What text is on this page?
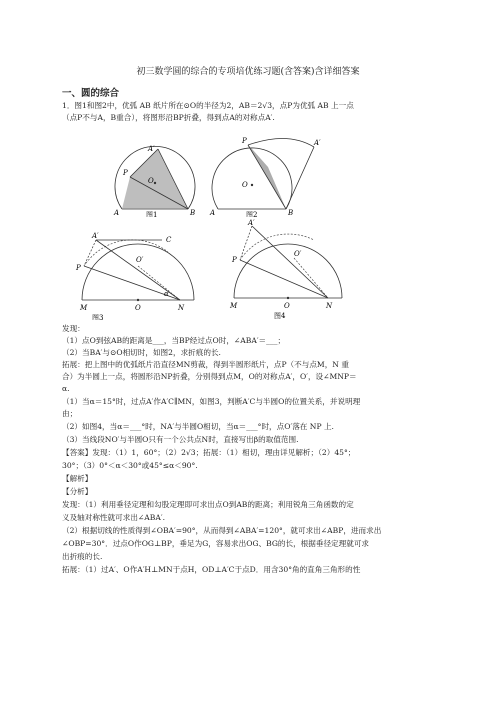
初三数学圆的综合的专项培优练习题(含答案)含详细答案
一、圆的综合
1．图1和图2中，优弧 AB 纸片所在⊙O的半径为2，AB＝2√3，点P为优弧 AB 上一点
（点P不与A，B重合），将图形沿BP折叠，得到点A的对称点A′.
A′
P
O
A	B
图1
P	A′
O
A	B
图2
A′	C
P
O′
M	O	N
α
图3
A′
P
O′
M	O	N
图4
发现：
（1）点O到弦AB的距离是___，当BP经过点O时，∠ABA′＝___；
（2）当BA′与⊙O相切时，如图2，求折痕的长.
拓展：把上图中的优弧纸片沿直径MN剪裁，得到半圆形纸片，点P（不与点M，N 重
合）为半圆上一点，将圆形沿NP折叠，分别得到点M，O的对称点A′，O′，设∠MNP＝
α.
（1）当α＝15°时，过点A′作A′C∥MN，如图3，判断A′C与半圆O的位置关系，并说明理
由；
（2）如图4，当α＝___°时，NA′与半圆O相切，当α＝___°时，点O′落在 NP 上.
（3）当线段NO′与半圆O只有一个公共点N时，直接写出β的取值范围.
【答案】发现：（1）1，60°；（2）2√3；拓展：（1）相切，理由详见解析；（2）45°；
30°；（3）0°＜α＜30°或45°≤α＜90°.
【解析】
【分析】
发现：（1）利用垂径定理和勾股定理即可求出点O到AB的距离；利用锐角三角函数的定
义及轴对称性就可求出∠ABA′.
（2）根据切线的性质得到∠OBA′=90°，从而得到∠ABA′=120°，就可求出∠ABP，进而求出
∠OBP=30°．过点O作OG⊥BP，垂足为G，容易求出OG、BG的长，根据垂径定理就可求
出折痕的长.
拓展：（1）过A′、O作A′H⊥MN于点H，OD⊥A′C于点D．用含30°角的直角三角形的性
